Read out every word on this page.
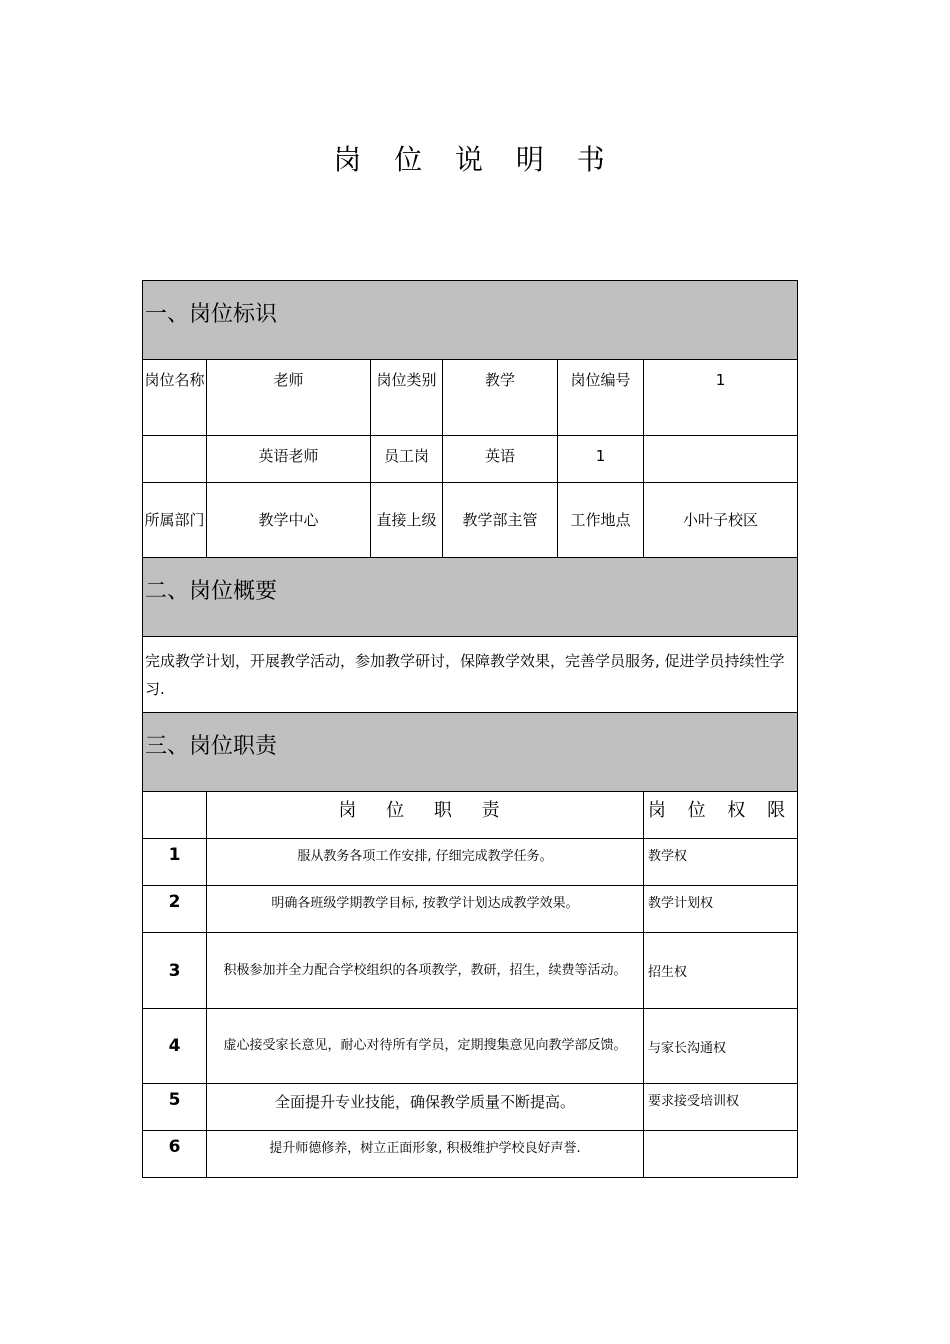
岗 位 说 明 书
一、岗位标识					
岗位名称	老师	岗位类别	教学	岗位编号	1
	英语老师	员工岗	英语	1	
所属部门	教学中心	直接上级	教学部主管	工作地点	小叶子校区
二、岗位概要					
完成教学计划，开展教学活动，参加教学研讨，保障教学效果，完善学员服务, 促进学员持续性学习.					
三、岗位职责					
	岗 位 职 责				岗 位 权 限
1	服从教务各项工作安排, 仔细完成教学任务。				教学权
2	明确各班级学期教学目标, 按教学计划达成教学效果。				教学计划权
3	积极参加并全力配合学校组织的各项教学，教研，招生，续费等活动。				招生权
4	虚心接受家长意见，耐心对待所有学员，定期搜集意见向教学部反馈。				与家长沟通权
5	全面提升专业技能，确保教学质量不断提高。				要求接受培训权
6	提升师德修养，树立正面形象, 积极维护学校良好声誉.				
